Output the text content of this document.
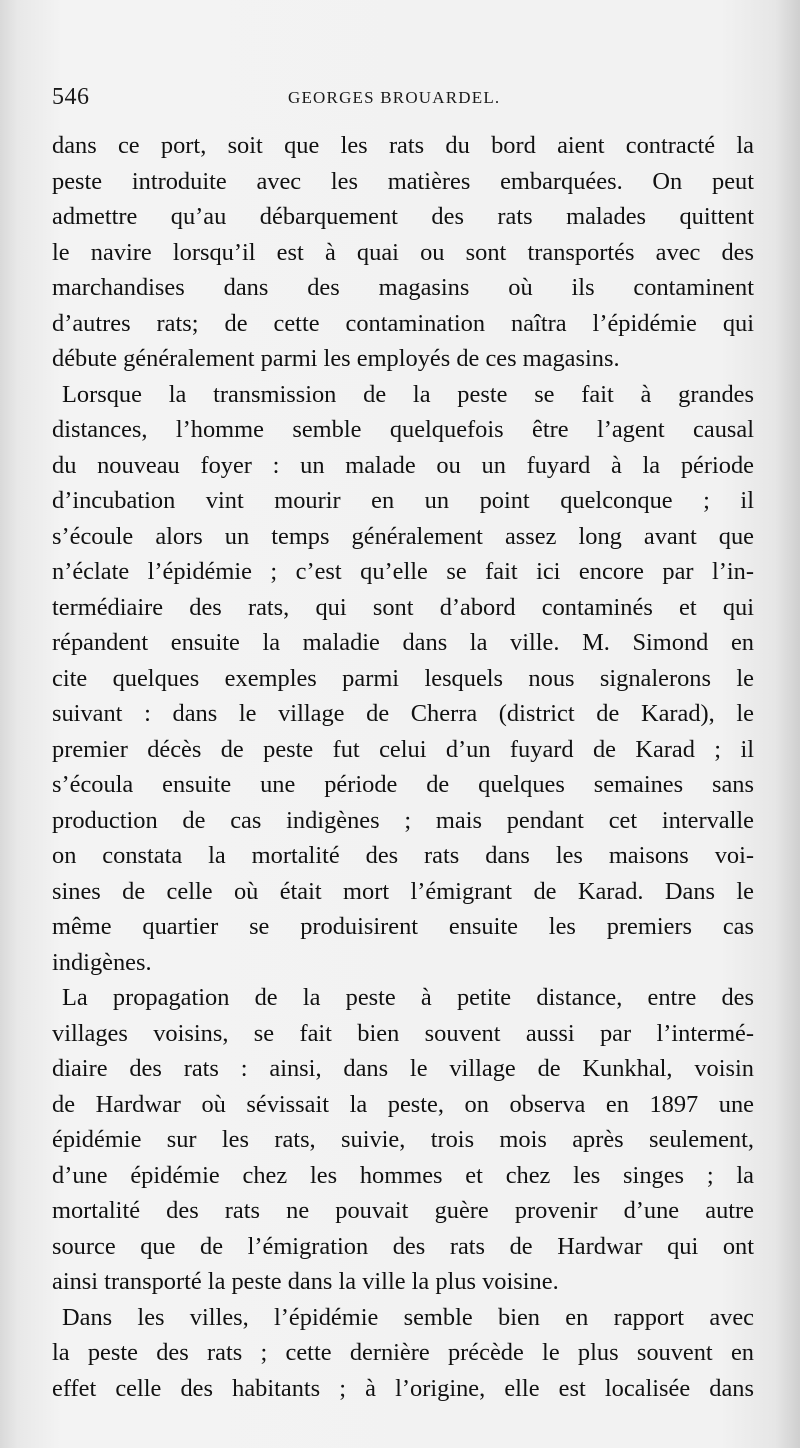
546	GEORGES BROUARDEL.
dans ce port, soit que les rats du bord aient contracté la
peste introduite avec les matières embarquées. On peut
admettre qu’au débarquement des rats malades quittent
le navire lorsqu’il est à quai ou sont transportés avec des
marchandises dans des magasins où ils contaminent
d’autres rats; de cette contamination naîtra l’épidémie qui
débute généralement parmi les employés de ces magasins.
Lorsque la transmission de la peste se fait à grandes
distances, l’homme semble quelquefois être l’agent causal
du nouveau foyer : un malade ou un fuyard à la période
d’incubation vint mourir en un point quelconque ; il
s’écoule alors un temps généralement assez long avant que
n’éclate l’épidémie ; c’est qu’elle se fait ici encore par l’in-
termédiaire des rats, qui sont d’abord contaminés et qui
répandent ensuite la maladie dans la ville. M. Simond en
cite quelques exemples parmi lesquels nous signalerons le
suivant : dans le village de Cherra (district de Karad), le
premier décès de peste fut celui d’un fuyard de Karad ; il
s’écoula ensuite une période de quelques semaines sans
production de cas indigènes ; mais pendant cet intervalle
on constata la mortalité des rats dans les maisons voi-
sines de celle où était mort l’émigrant de Karad. Dans le
même quartier se produisirent ensuite les premiers cas
indigènes.
La propagation de la peste à petite distance, entre des
villages voisins, se fait bien souvent aussi par l’intermé-
diaire des rats : ainsi, dans le village de Kunkhal, voisin
de Hardwar où sévissait la peste, on observa en 1897 une
épidémie sur les rats, suivie, trois mois après seulement,
d’une épidémie chez les hommes et chez les singes ; la
mortalité des rats ne pouvait guère provenir d’une autre
source que de l’émigration des rats de Hardwar qui ont
ainsi transporté la peste dans la ville la plus voisine.
Dans les villes, l’épidémie semble bien en rapport avec
la peste des rats ; cette dernière précède le plus souvent en
effet celle des habitants ; à l’origine, elle est localisée dans
